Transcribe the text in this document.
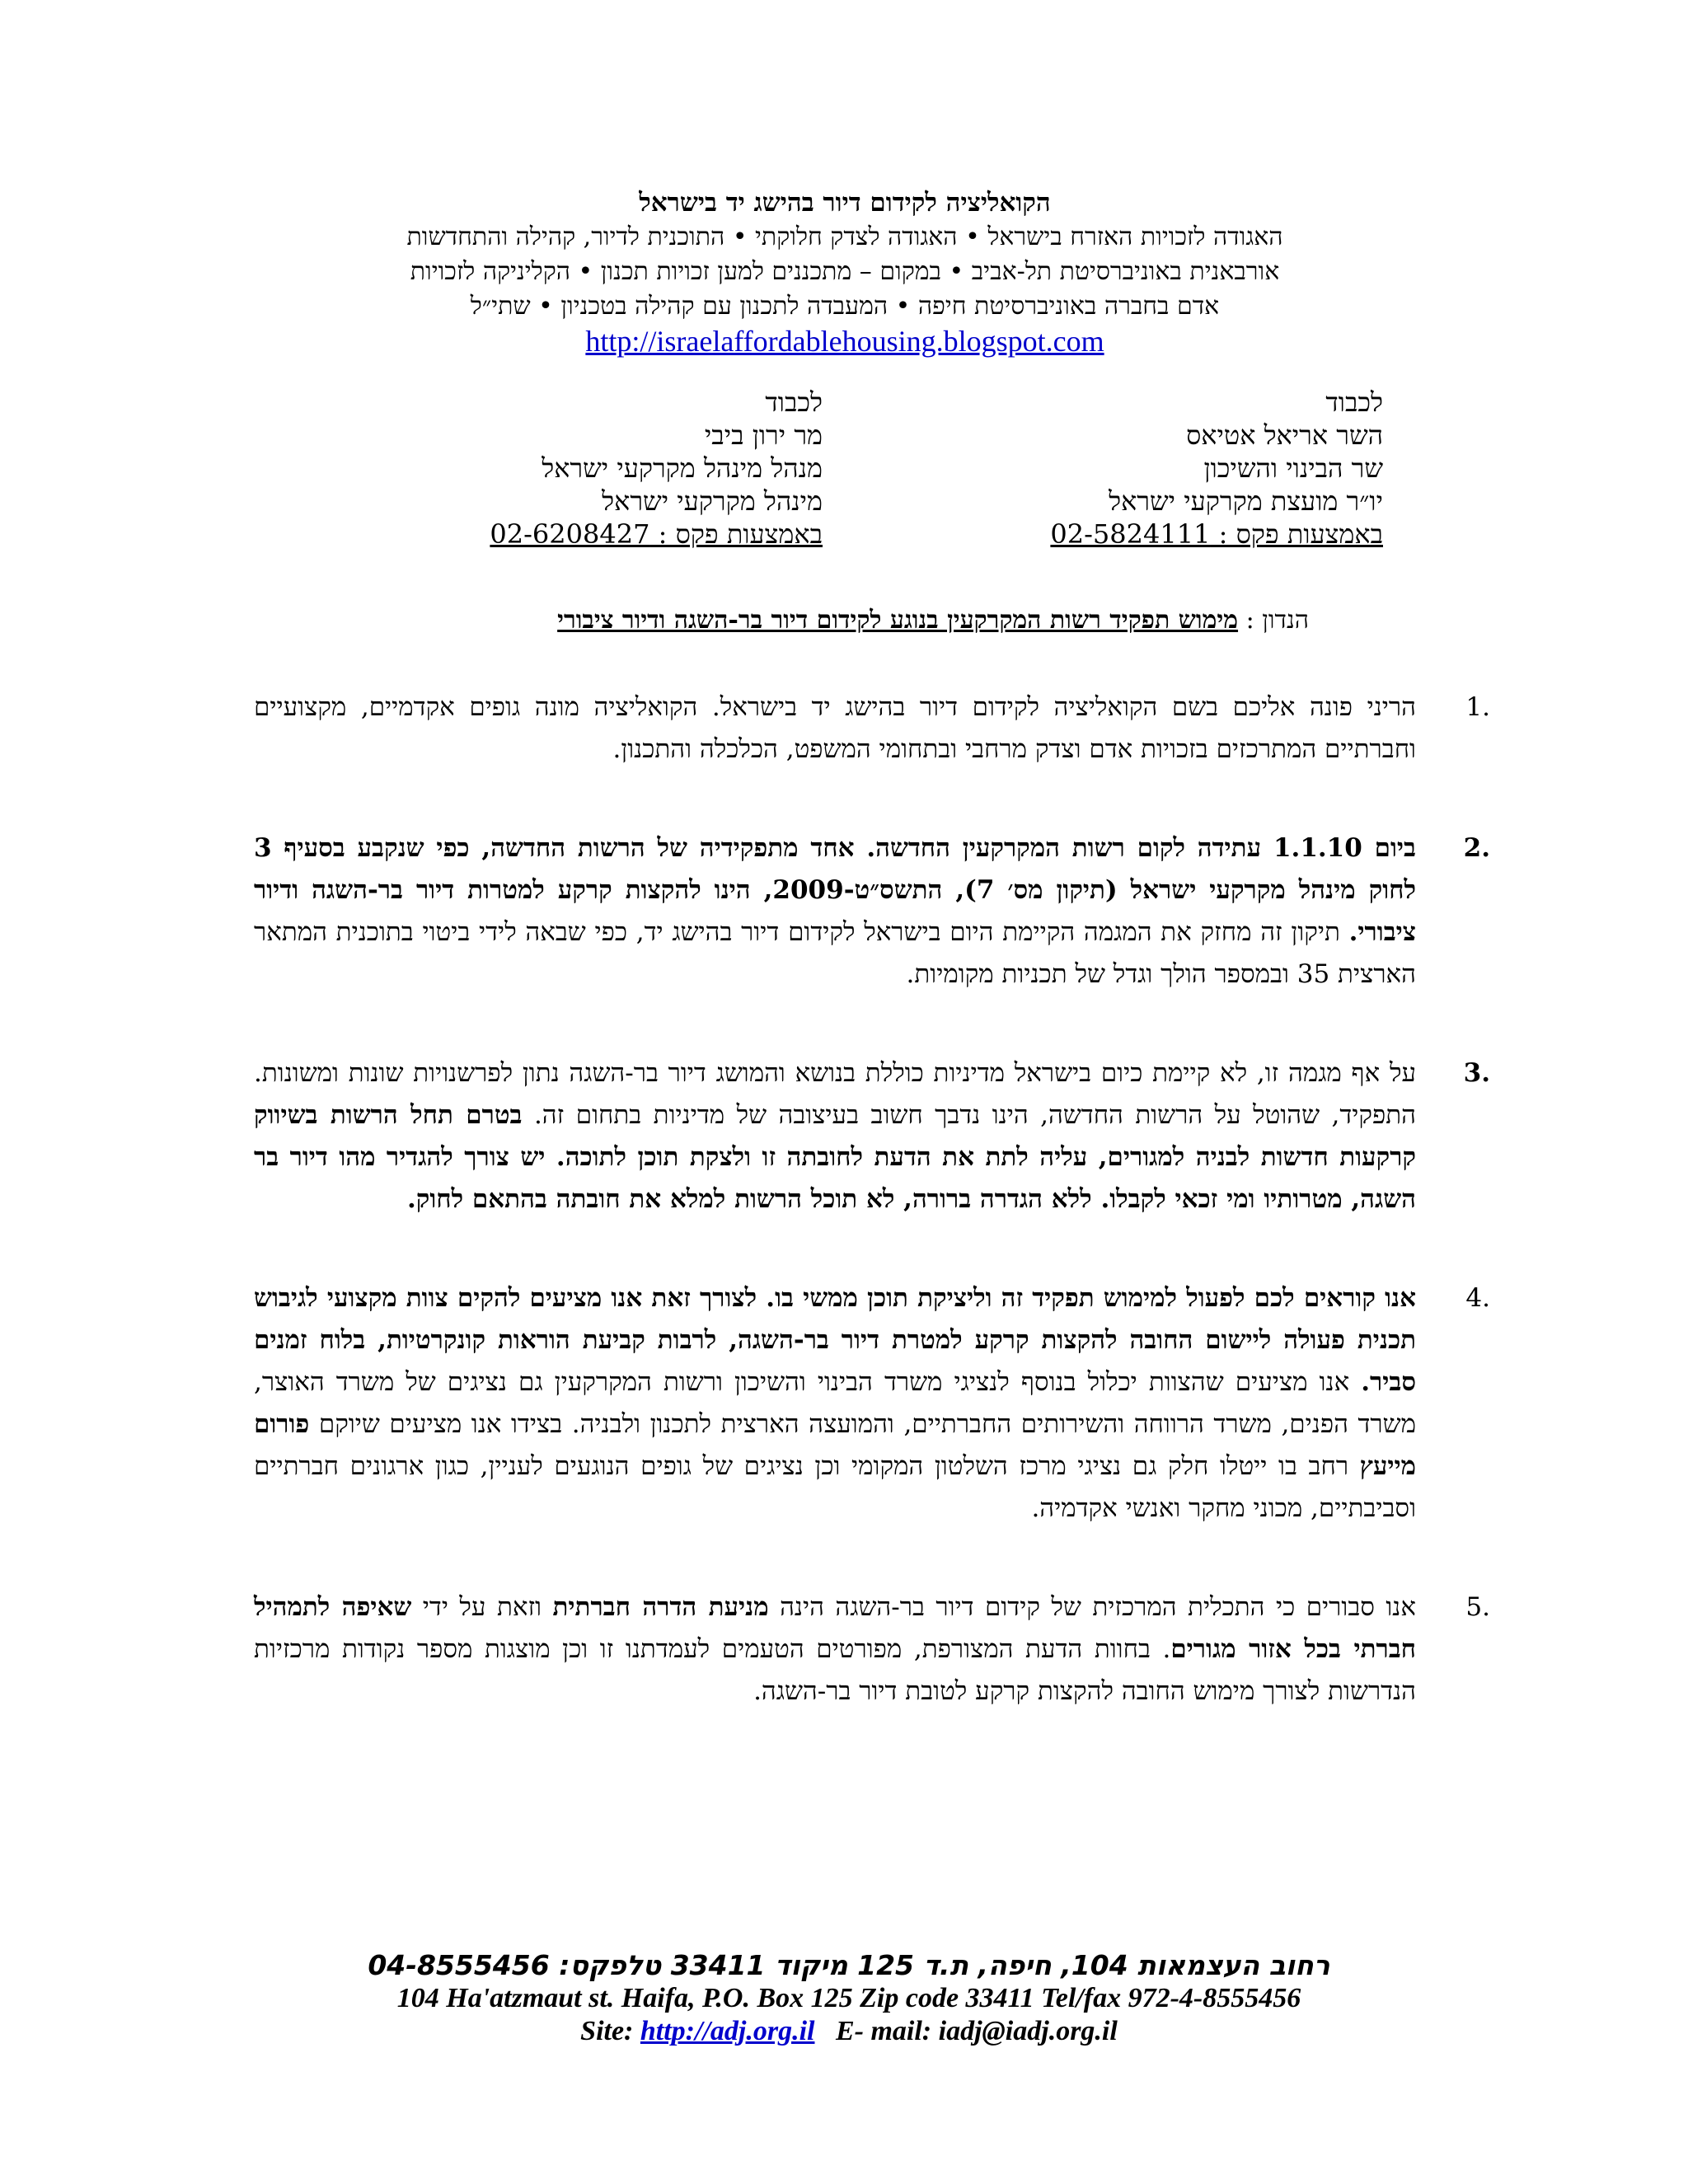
הקואליציה לקידום דיור בהישג יד בישראל
האגודה לזכויות האזרח בישראל • האגודה לצדק חלוקתי • התוכנית לדיור, קהילה והתחדשות
אורבאנית באוניברסיטת תל-אביב • במקום – מתכננים למען זכויות תכנון • הקליניקה לזכויות
אדם בחברה באוניברסיטת חיפה • המעבדה לתכנון עם קהילה בטכניון • שתי״ל
http://israelaffordablehousing.blogspot.com
לכבוד
השר אריאל אטיאס
שר הבינוי והשיכון
יו״ר מועצת מקרקעי ישראל
באמצעות פקס : 02-5824111
לכבוד
מר ירון ביבי
מנהל מינהל מקרקעי ישראל
מינהל מקרקעי ישראל
באמצעות פקס : 02-6208427
הנדון : מימוש תפקיד רשות המקרקעין בנוגע לקידום דיור בר-השגה ודיור ציבורי
1.
הריני פונה אליכם בשם הקואליציה לקידום דיור בהישג יד בישראל. הקואליציה מונה גופים אקדמיים, מקצועיים וחברתיים המתרכזים בזכויות אדם וצדק מרחבי ובתחומי המשפט, הכלכלה והתכנון.
2.
ביום 1.1.10 עתידה לקום רשות המקרקעין החדשה. אחד מתפקידיה של הרשות החדשה, כפי שנקבע בסעיף 3 לחוק מינהל מקרקעי ישראל (תיקון מס׳ 7), התשס״ט-2009, הינו להקצות קרקע למטרות דיור בר-השגה ודיור ציבורי. תיקון זה מחזק את המגמה הקיימת היום בישראל לקידום דיור בהישג יד, כפי שבאה לידי ביטוי בתוכנית המתאר הארצית 35 ובמספר הולך וגדל של תכניות מקומיות.
3.
על אף מגמה זו, לא קיימת כיום בישראל מדיניות כוללת בנושא והמושג דיור בר-השגה נתון לפרשנויות שונות ומשונות. התפקיד, שהוטל על הרשות החדשה, הינו נדבך חשוב בעיצובה של מדיניות בתחום זה. בטרם תחל הרשות בשיווק קרקעות חדשות לבניה למגורים, עליה לתת את הדעת לחובתה זו ולצקת תוכן לתוכה. יש צורך להגדיר מהו דיור בר השגה, מטרותיו ומי זכאי לקבלו. ללא הגדרה ברורה, לא תוכל הרשות למלא את חובתה בהתאם לחוק.
4.
אנו קוראים לכם לפעול למימוש תפקיד זה וליציקת תוכן ממשי בו. לצורך זאת אנו מציעים להקים צוות מקצועי לגיבוש תכנית פעולה ליישום החובה להקצות קרקע למטרת דיור בר-השגה, לרבות קביעת הוראות קונקרטיות, בלוח זמנים סביר. אנו מציעים שהצוות יכלול בנוסף לנציגי משרד הבינוי והשיכון ורשות המקרקעין גם נציגים של משרד האוצר, משרד הפנים, משרד הרווחה והשירותים החברתיים, והמועצה הארצית לתכנון ולבניה. בצידו אנו מציעים שיוקם פורום מייעץ רחב בו ייטלו חלק גם נציגי מרכז השלטון המקומי וכן נציגים של גופים הנוגעים לעניין, כגון ארגונים חברתיים וסביבתיים, מכוני מחקר ואנשי אקדמיה.
5.
אנו סבורים כי התכלית המרכזית של קידום דיור בר-השגה הינה מניעת הדרה חברתית וזאת על ידי שאיפה לתמהיל חברתי בכל אזור מגורים. בחוות הדעת המצורפת, מפורטים הטעמים לעמדתנו זו וכן מוצגות מספר נקודות מרכזיות הנדרשות לצורך מימוש החובה להקצות קרקע לטובת דיור בר-השגה.
רחוב העצמאות 104, חיפה, ת.ד 125 מיקוד 33411 טלפקס: 04-8555456
104 Ha'atzmaut st. Haifa, P.O. Box 125 Zip code 33411 Tel/fax 972-4-8555456
Site: http://adj.org.il E- mail: iadj@iadj.org.il
